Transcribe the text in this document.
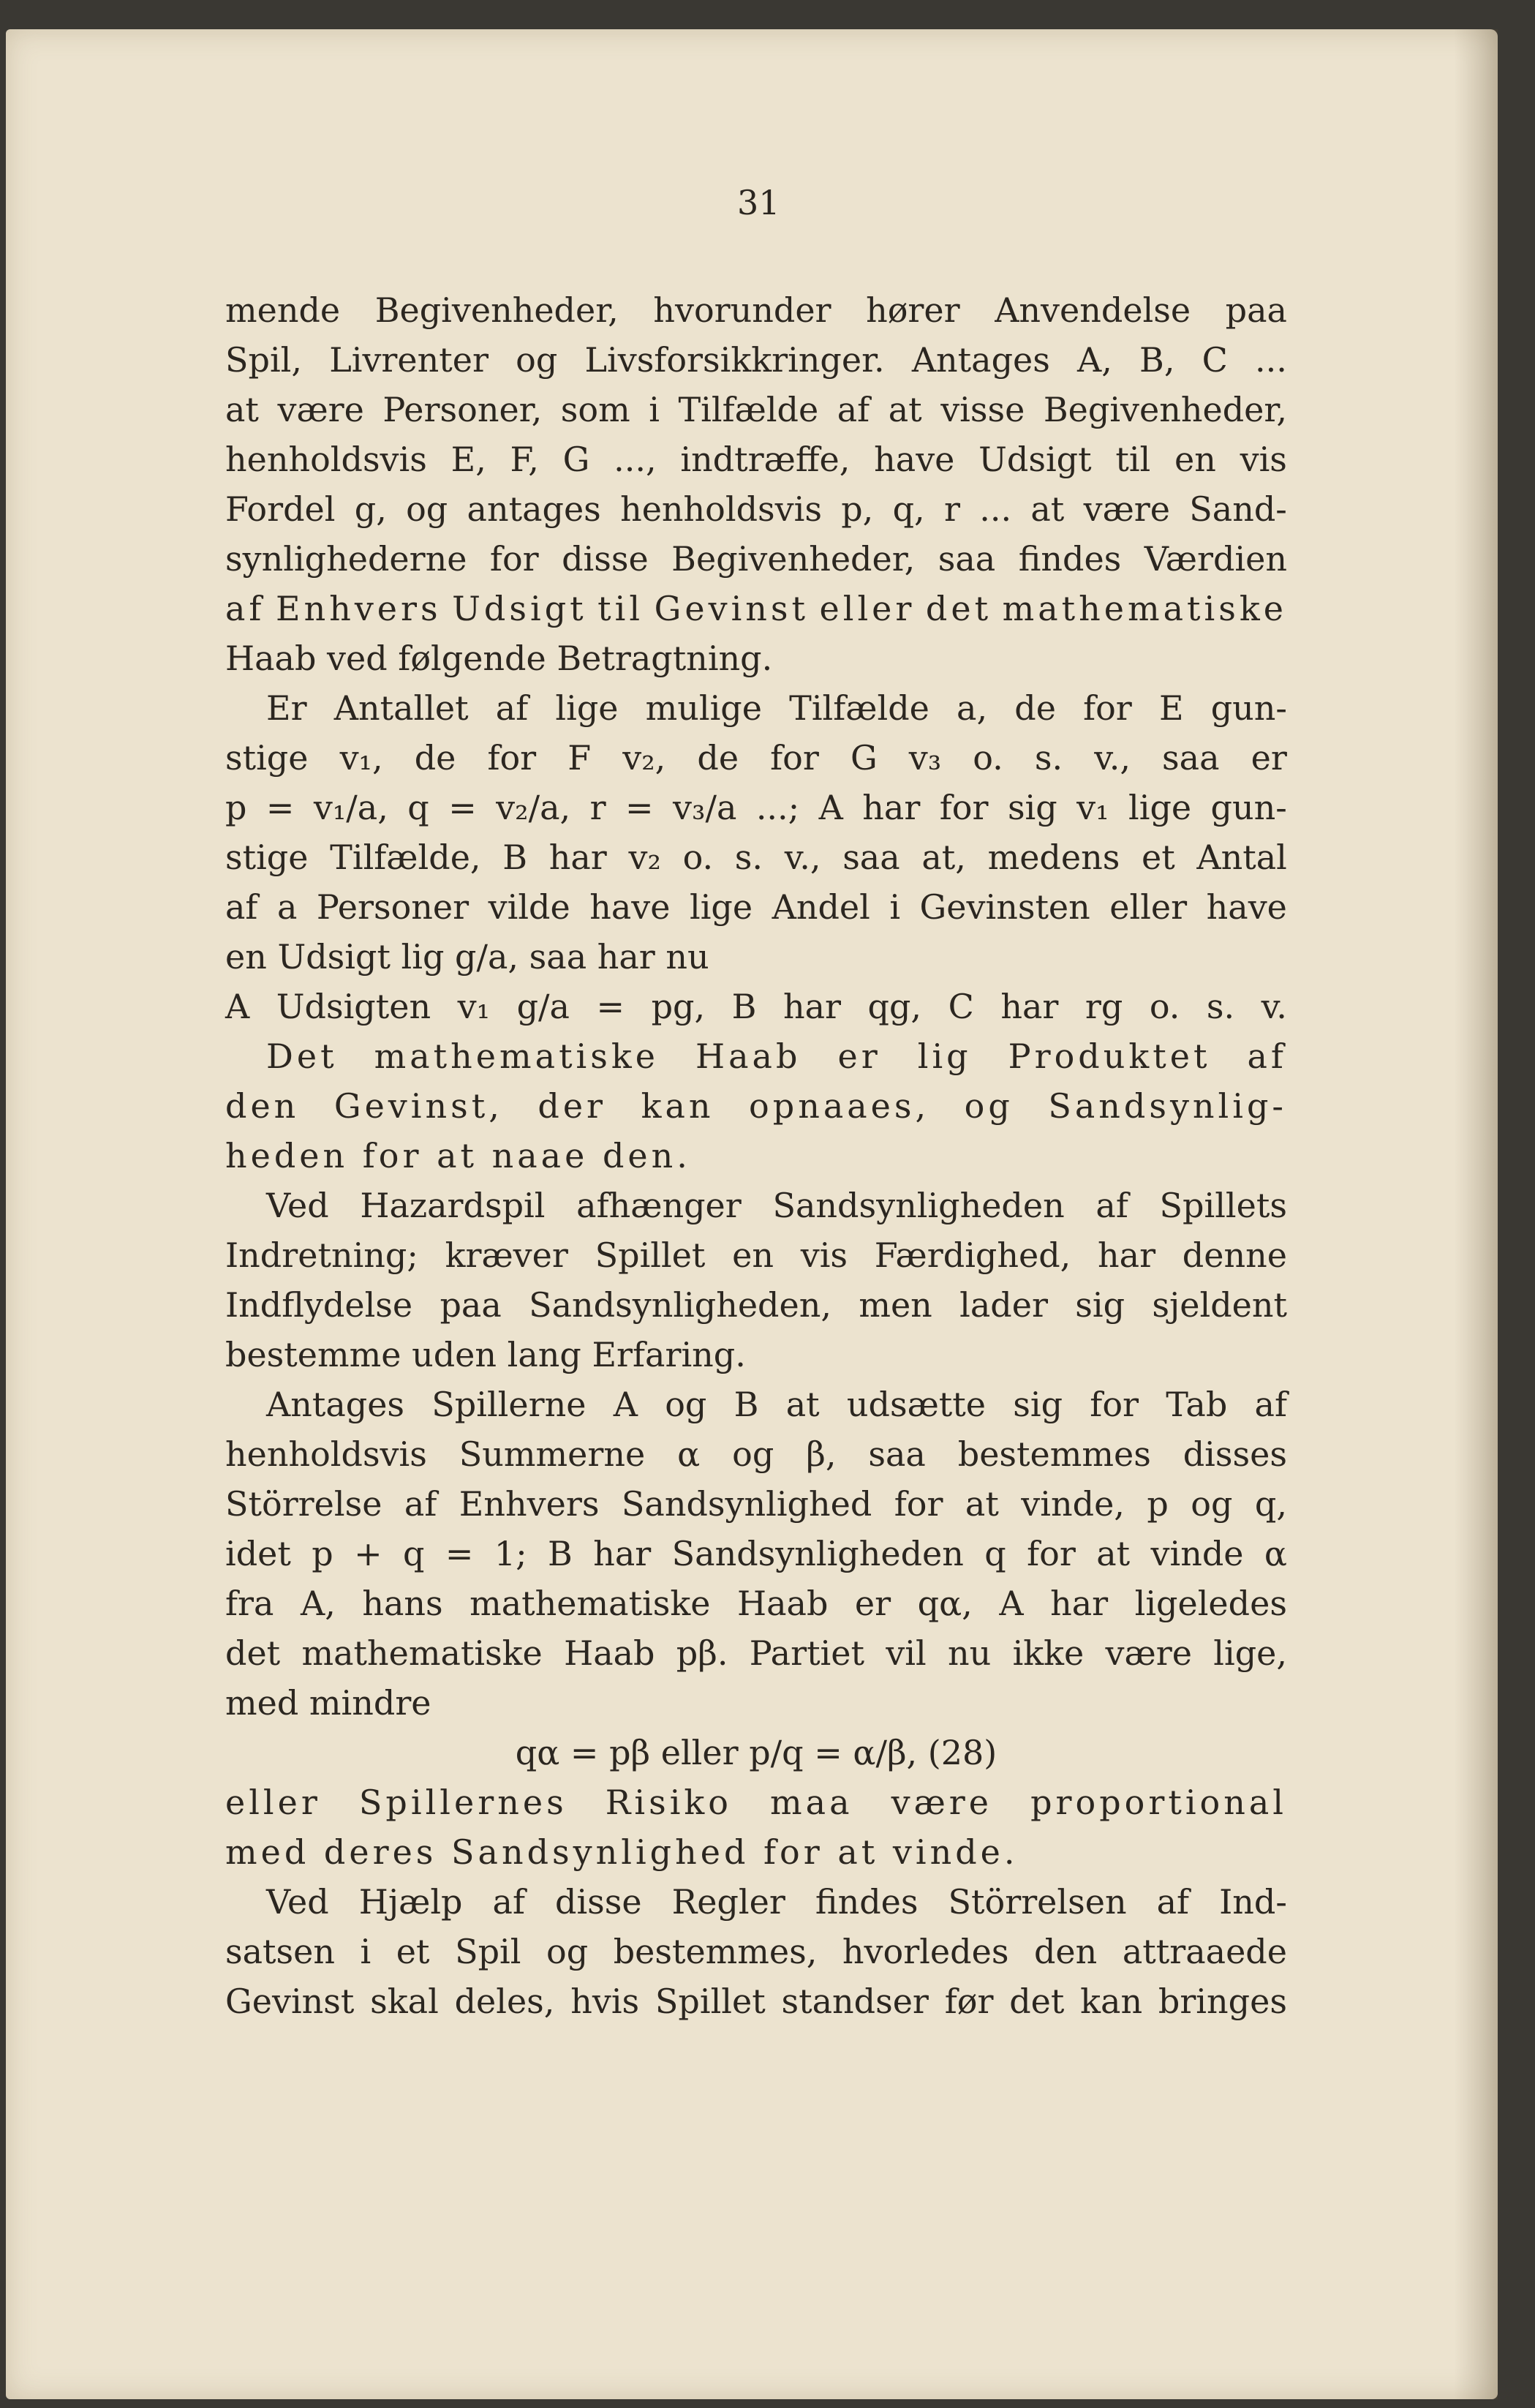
31
mende Begivenheder, hvorunder hører Anvendelse paa
Spil, Livrenter og Livsforsikkringer. Antages A, B, C ...
at være Personer, som i Tilfælde af at visse Begivenheder,
henholdsvis E, F, G ..., indtræffe, have Udsigt til en vis
Fordel g, og antages henholdsvis p, q, r ... at være Sand-
synlighederne for disse Begivenheder, saa findes Værdien
af Enhvers Udsigt til Gevinst eller det mathematiske
Haab ved følgende Betragtning.
Er Antallet af lige mulige Tilfælde a, de for E gun-
stige v₁, de for F v₂, de for G v₃ o. s. v., saa er
p = v₁/a, q = v₂/a, r = v₃/a ...; A har for sig v₁ lige gun-
stige Tilfælde, B har v₂ o. s. v., saa at, medens et Antal
af a Personer vilde have lige Andel i Gevinsten eller have
en Udsigt lig g/a, saa har nu
A Udsigten v₁ g/a = pg, B har qg, C har rg o. s. v.
Det mathematiske Haab er lig Produktet af
den Gevinst, der kan opnaaes, og Sandsynlig-
heden for at naae den.
Ved Hazardspil afhænger Sandsynligheden af Spillets
Indretning; kræver Spillet en vis Færdighed, har denne
Indflydelse paa Sandsynligheden, men lader sig sjeldent
bestemme uden lang Erfaring.
Antages Spillerne A og B at udsætte sig for Tab af
henholdsvis Summerne α og β, saa bestemmes disses
Störrelse af Enhvers Sandsynlighed for at vinde, p og q,
idet p + q = 1; B har Sandsynligheden q for at vinde α
fra A, hans mathematiske Haab er qα, A har ligeledes
det mathematiske Haab pβ. Partiet vil nu ikke være lige,
med mindre
qα = pβ eller p/q = α/β, (28)
eller Spillernes Risiko maa være proportional
med deres Sandsynlighed for at vinde.
Ved Hjælp af disse Regler findes Störrelsen af Ind-
satsen i et Spil og bestemmes, hvorledes den attraaede
Gevinst skal deles, hvis Spillet standser før det kan bringes
